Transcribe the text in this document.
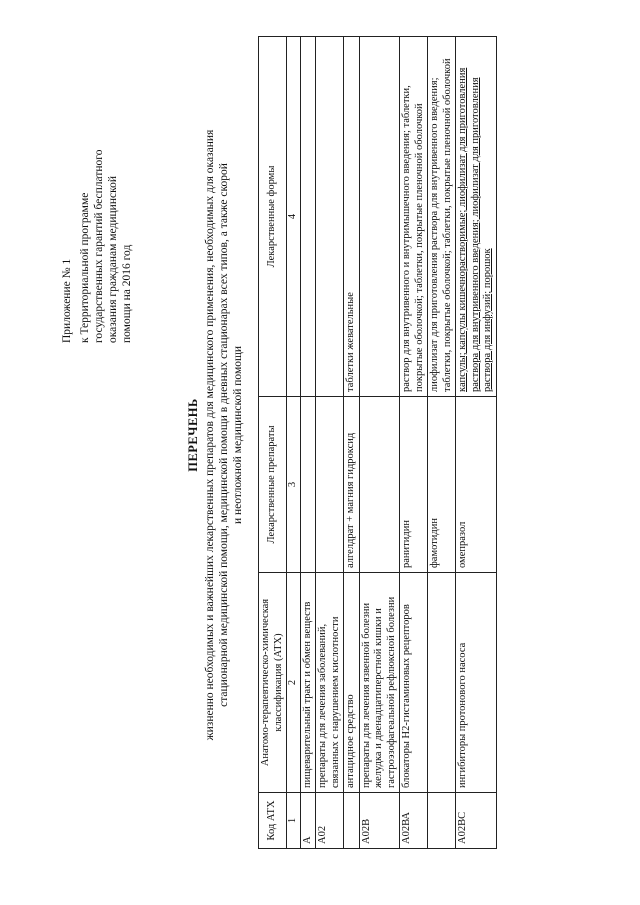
Приложение № 1 к Территориальной программе государственных гарантий бесплатного оказания гражданам медицинской помощи на 2016 год
ПЕРЕЧЕНЬ жизненно необходимых и важнейших лекарственных препаратов для медицинского применения, необходимых для оказания стационарной медицинской помощи, медицинской помощи в дневных стационарах всех типов, а также скорой и неотложной медицинской помощи
Код АТХ	Анатомо-терапевтическо-химическая классификация (АТХ)	Лекарственные препараты	Лекарственные формы
1	2	3	4
А	пищеварительный тракт и обмен веществ		
А02	препараты для лечения заболеваний, связанных с нарушением кислотности		
	антацидное средство	алгелдрат + магния гидроксид	таблетки жевательные
А02В	препараты для лечения язвенной болезни желудка и двенадцатиперстной кишки и гастроэзофагеальной рефлюксной болезни		
А02ВА	блокаторы Н2-гистаминовых рецепторов	ранитидин	раствор для внутривенного и внутримышечного введения; таблетки, покрытые оболочкой; таблетки, покрытые пленочной оболочкой
		фамотидин	лиофилизат для приготовления раствора для внутривенного введения; таблетки, покрытые оболочкой; таблетки, покрытые пленочной оболочкой
А02ВС	ингибиторы протонового насоса	омепразол	капсулы; капсулы кишечнорастворимые; лиофилизат для приготовления раствора для внутривенного введения; лиофилизат для приготовления раствора для инфузий; порошок
